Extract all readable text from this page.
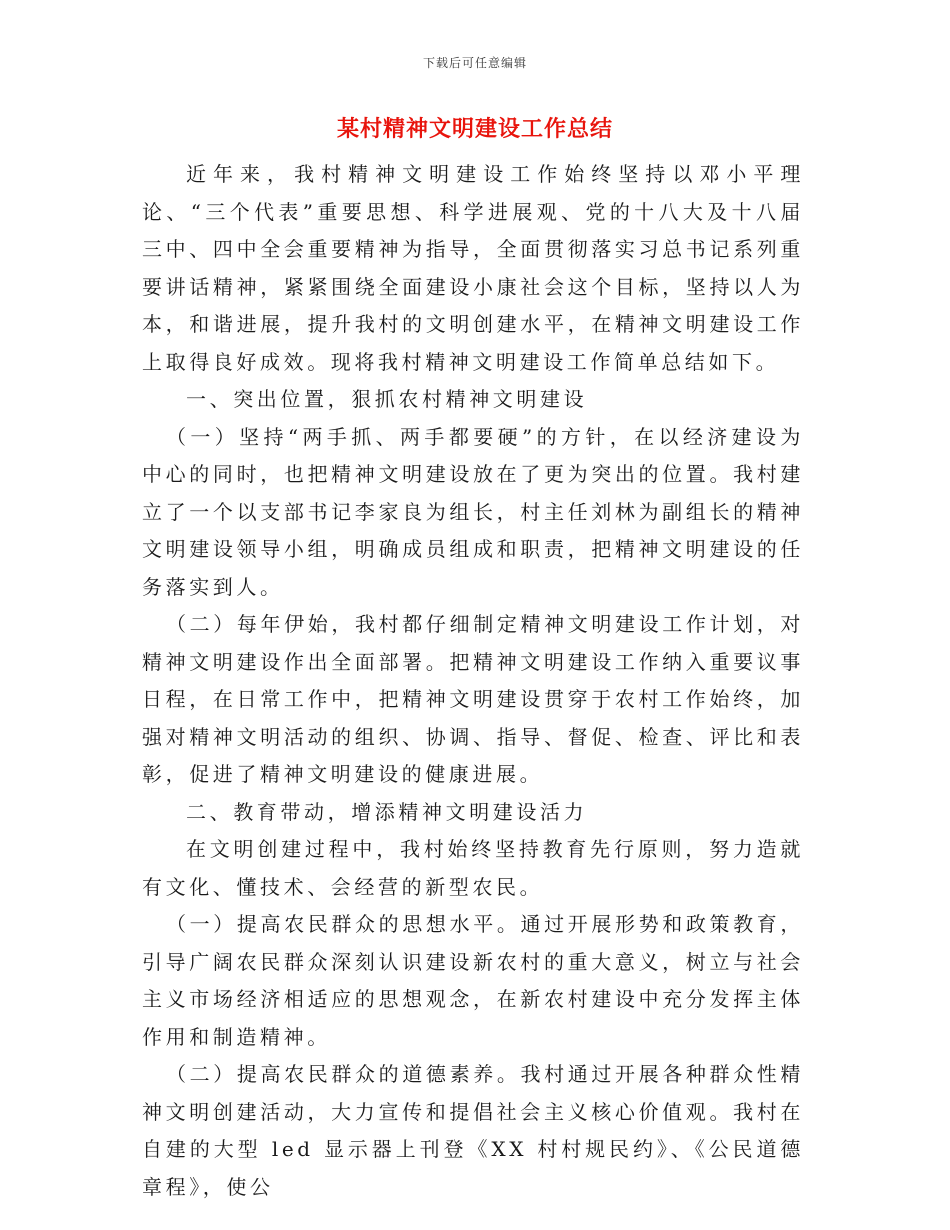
下载后可任意编辑
某村精神文明建设工作总结

近年来，我村精神文明建设工作始终坚持以邓小平理论、“三个代表”重要思想、科学进展观、党的十八大及十八届三中、四中全会重要精神为指导，全面贯彻落实习总书记系列重要讲话精神，紧紧围绕全面建设小康社会这个目标，坚持以人为本，和谐进展，提升我村的文明创建水平，在精神文明建设工作上取得良好成效。现将我村精神文明建设工作简单总结如下。

一、突出位置，狠抓农村精神文明建设

（一）坚持“两手抓、两手都要硬”的方针，在以经济建设为中心的同时，也把精神文明建设放在了更为突出的位置。我村建立了一个以支部书记李家良为组长，村主任刘林为副组长的精神文明建设领导小组，明确成员组成和职责，把精神文明建设的任务落实到人。

（二）每年伊始，我村都仔细制定精神文明建设工作计划，对精神文明建设作出全面部署。把精神文明建设工作纳入重要议事日程，在日常工作中，把精神文明建设贯穿于农村工作始终，加强对精神文明活动的组织、协调、指导、督促、检查、评比和表彰，促进了精神文明建设的健康进展。

二、教育带动，增添精神文明建设活力

在文明创建过程中，我村始终坚持教育先行原则，努力造就有文化、懂技术、会经营的新型农民。

（一）提高农民群众的思想水平。通过开展形势和政策教育，引导广阔农民群众深刻认识建设新农村的重大意义，树立与社会主义市场经济相适应的思想观念，在新农村建设中充分发挥主体作用和制造精神。

（二）提高农民群众的道德素养。我村通过开展各种群众性精神文明创建活动，大力宣传和提倡社会主义核心价值观。我村在自建的大型 led 显示器上刊登《XX 村村规民约》、《公民道德章程》，使公
